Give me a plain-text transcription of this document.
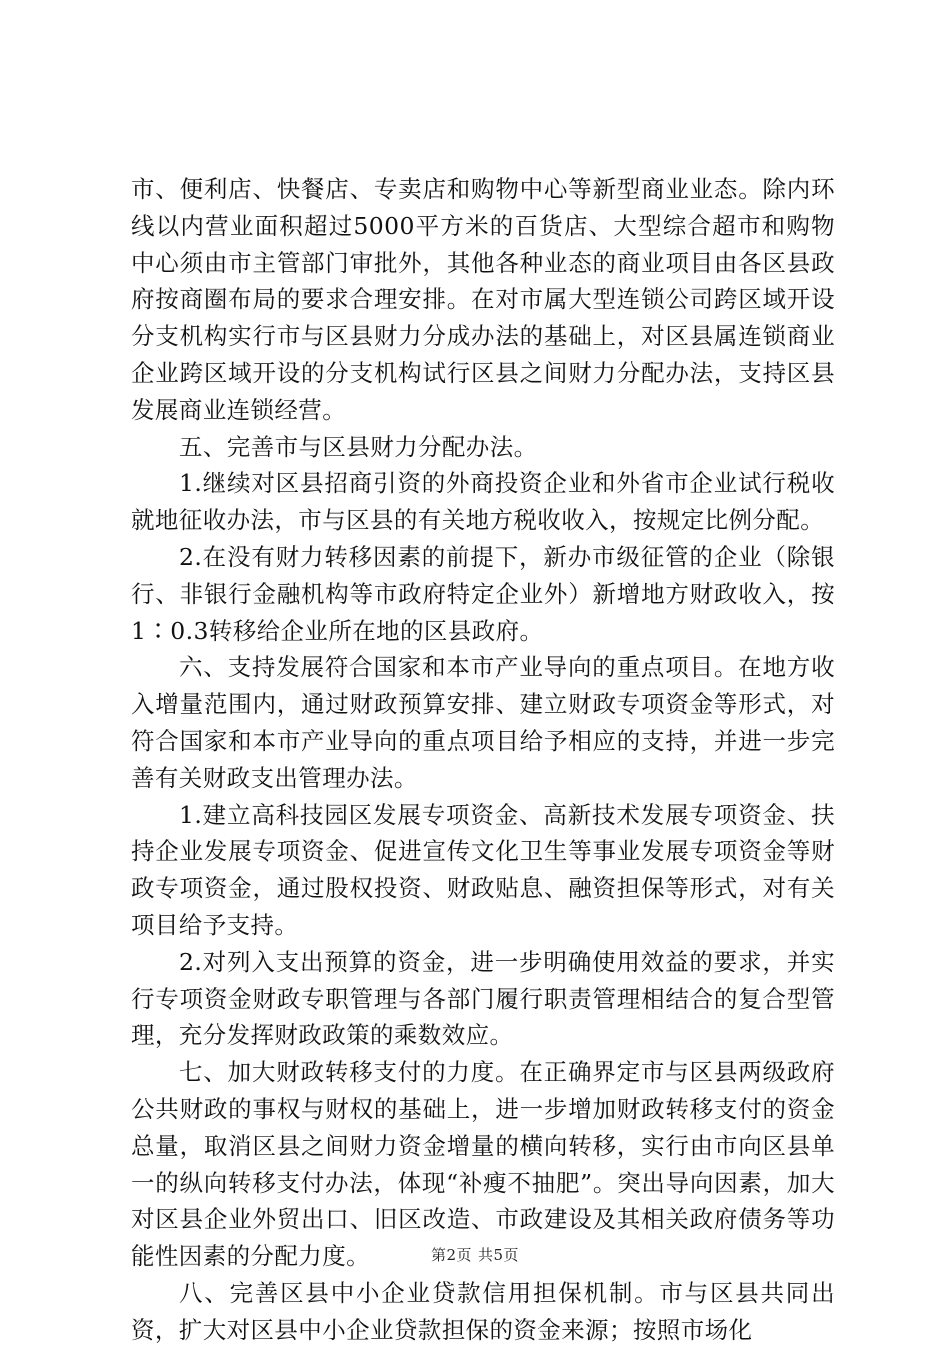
市、便利店、快餐店、专卖店和购物中心等新型商业业态。除内环线以内营业面积超过5000平方米的百货店、大型综合超市和购物中心须由市主管部门审批外，其他各种业态的商业项目由各区县政府按商圈布局的要求合理安排。在对市属大型连锁公司跨区域开设分支机构实行市与区县财力分成办法的基础上，对区县属连锁商业企业跨区域开设的分支机构试行区县之间财力分配办法，支持区县发展商业连锁经营。

五、完善市与区县财力分配办法。

1.继续对区县招商引资的外商投资企业和外省市企业试行税收就地征收办法，市与区县的有关地方税收收入，按规定比例分配。

2.在没有财力转移因素的前提下，新办市级征管的企业（除银行、非银行金融机构等市政府特定企业外）新增地方财政收入，按1∶0.3转移给企业所在地的区县政府。

六、支持发展符合国家和本市产业导向的重点项目。在地方收入增量范围内，通过财政预算安排、建立财政专项资金等形式，对符合国家和本市产业导向的重点项目给予相应的支持，并进一步完善有关财政支出管理办法。

1.建立高科技园区发展专项资金、高新技术发展专项资金、扶持企业发展专项资金、促进宣传文化卫生等事业发展专项资金等财政专项资金，通过股权投资、财政贴息、融资担保等形式，对有关项目给予支持。

2.对列入支出预算的资金，进一步明确使用效益的要求，并实行专项资金财政专职管理与各部门履行职责管理相结合的复合型管理，充分发挥财政政策的乘数效应。

七、加大财政转移支付的力度。在正确界定市与区县两级政府公共财政的事权与财权的基础上，进一步增加财政转移支付的资金总量，取消区县之间财力资金增量的横向转移，实行由市向区县单一的纵向转移支付办法，体现“补瘦不抽肥”。突出导向因素，加大对区县企业外贸出口、旧区改造、市政建设及其相关政府债务等功能性因素的分配力度。

八、完善区县中小企业贷款信用担保机制。市与区县共同出资，扩大对区县中小企业贷款担保的资金来源；按照市场化

第2页 共5页
